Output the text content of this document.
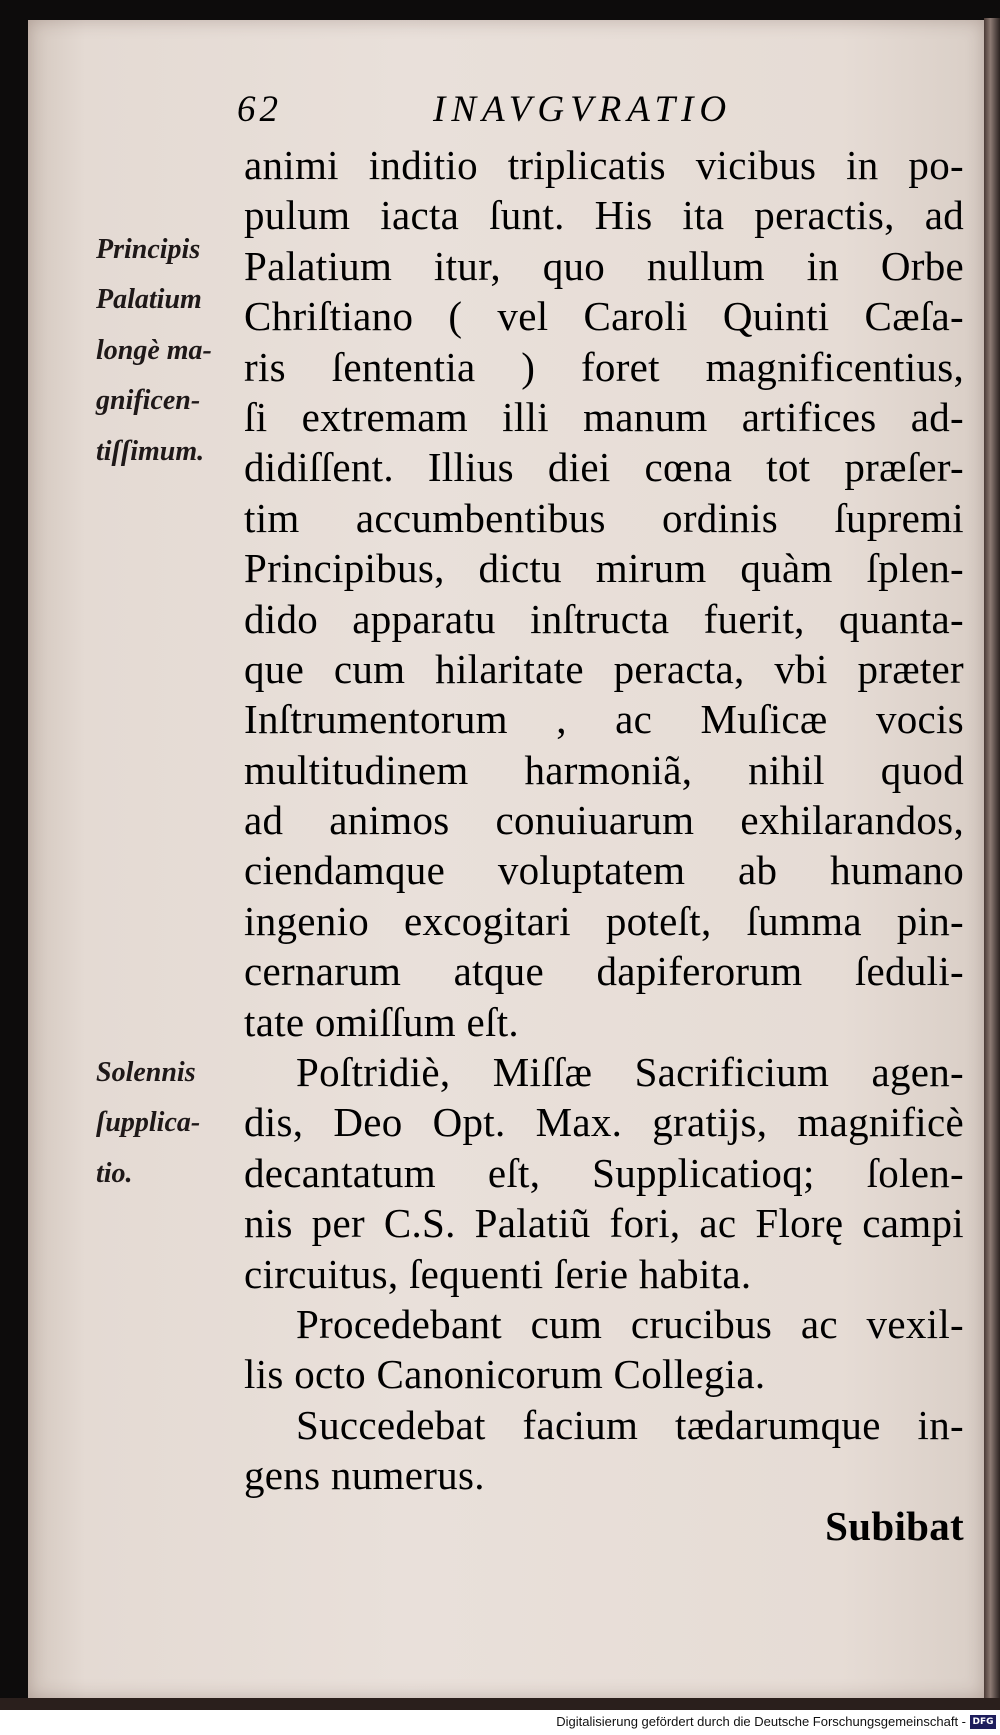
62	INAVGVRATIO
Principis
Palatium
longè ma-
gnificen-
tiſſimum.
Solennis
ſupplica-
tio.
animi inditio triplicatis vicibus in po-
pulum iacta ſunt. His ita peractis, ad
Palatium itur, quo nullum in Orbe
Chriſtiano ( vel Caroli Quinti Cæſa-
ris ſententia ) foret magnificentius,
ſi extremam illi manum artifices ad-
didiſſent. Illius diei cœna tot præſer-
tim accumbentibus ordinis ſupremi
Principibus, dictu mirum quàm ſplen-
dido apparatu inſtructa fuerit, quanta-
que cum hilaritate peracta, vbi præter
Inſtrumentorum , ac Muſicæ vocis
multitudinem harmoniã, nihil quod
ad animos conuiuarum exhilarandos,
ciendamque voluptatem ab humano
ingenio excogitari poteſt, ſumma pin-
cernarum atque dapiferorum ſeduli-
tate omiſſum eſt.
Poſtridiè, Miſſæ Sacrificium agen-
dis, Deo Opt. Max. gratijs, magnificè
decantatum eſt, Supplicatioq; ſolen-
nis per C.S. Palatiũ fori, ac Florę campi
circuitus, ſequenti ſerie habita.
Procedebant cum crucibus ac vexil-
lis octo Canonicorum Collegia.
Succedebat facium tædarumque in-
gens numerus.
Subibat
Digitalisierung gefördert durch die Deutsche Forschungsgemeinschaft - DFG
